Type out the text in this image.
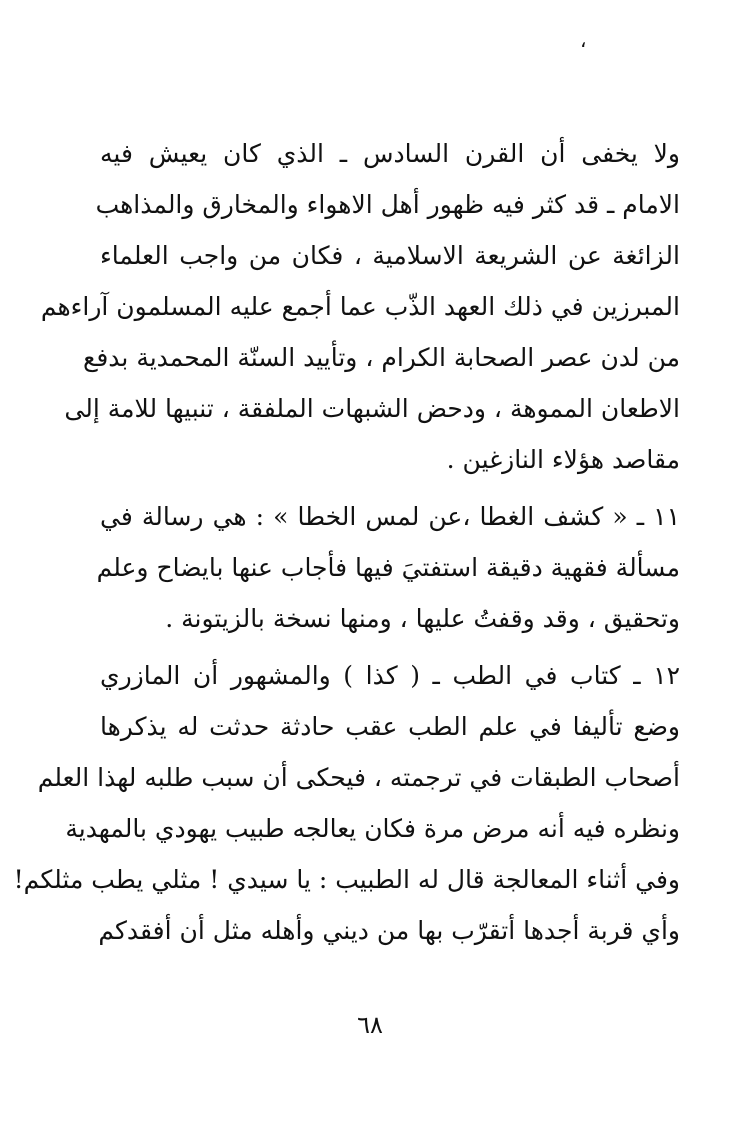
،
ولا يخفى أن القرن السادس ـ الذي كان يعيش فيه
الامام ـ قد كثر فيه ظهور أهل الاهواء والمخارق والمذاهب
الزائغة عن الشريعة الاسلامية ، فكان من واجب العلماء
المبرزين في ذلك العهد الذّب عما أجمع عليه المسلمون آراءهم
من لدن عصر الصحابة الكرام ، وتأييد السنّة المحمدية بدفع
الاطعان المموهة ، ودحض الشبهات الملفقة ، تنبيها للامة إلى
مقاصد هؤلاء النازغين .
١١ ـ « كشف الغطا ،عن لمس الخطا » : هي رسالة في
مسألة فقهية دقيقة استفتيَ فيها فأجاب عنها بايضاح وعلم
وتحقيق ، وقد وقفتُ عليها ، ومنها نسخة بالزيتونة .
١٢ ـ كتاب في الطب ـ ( كذا ) والمشهور أن المازري
وضع تأليفا في علم الطب عقب حادثة حدثت له يذكرها
أصحاب الطبقات في ترجمته ، فيحكى أن سبب طلبه لهذا العلم
ونظره فيه أنه مرض مرة فكان يعالجه طبيب يهودي بالمهدية
وفي أثناء المعالجة قال له الطبيب : يا سيدي ! مثلي يطب مثلكم!
وأي قربة أجدها أتقرّب بها من ديني وأهله مثل أن أفقدكم
٦٨
